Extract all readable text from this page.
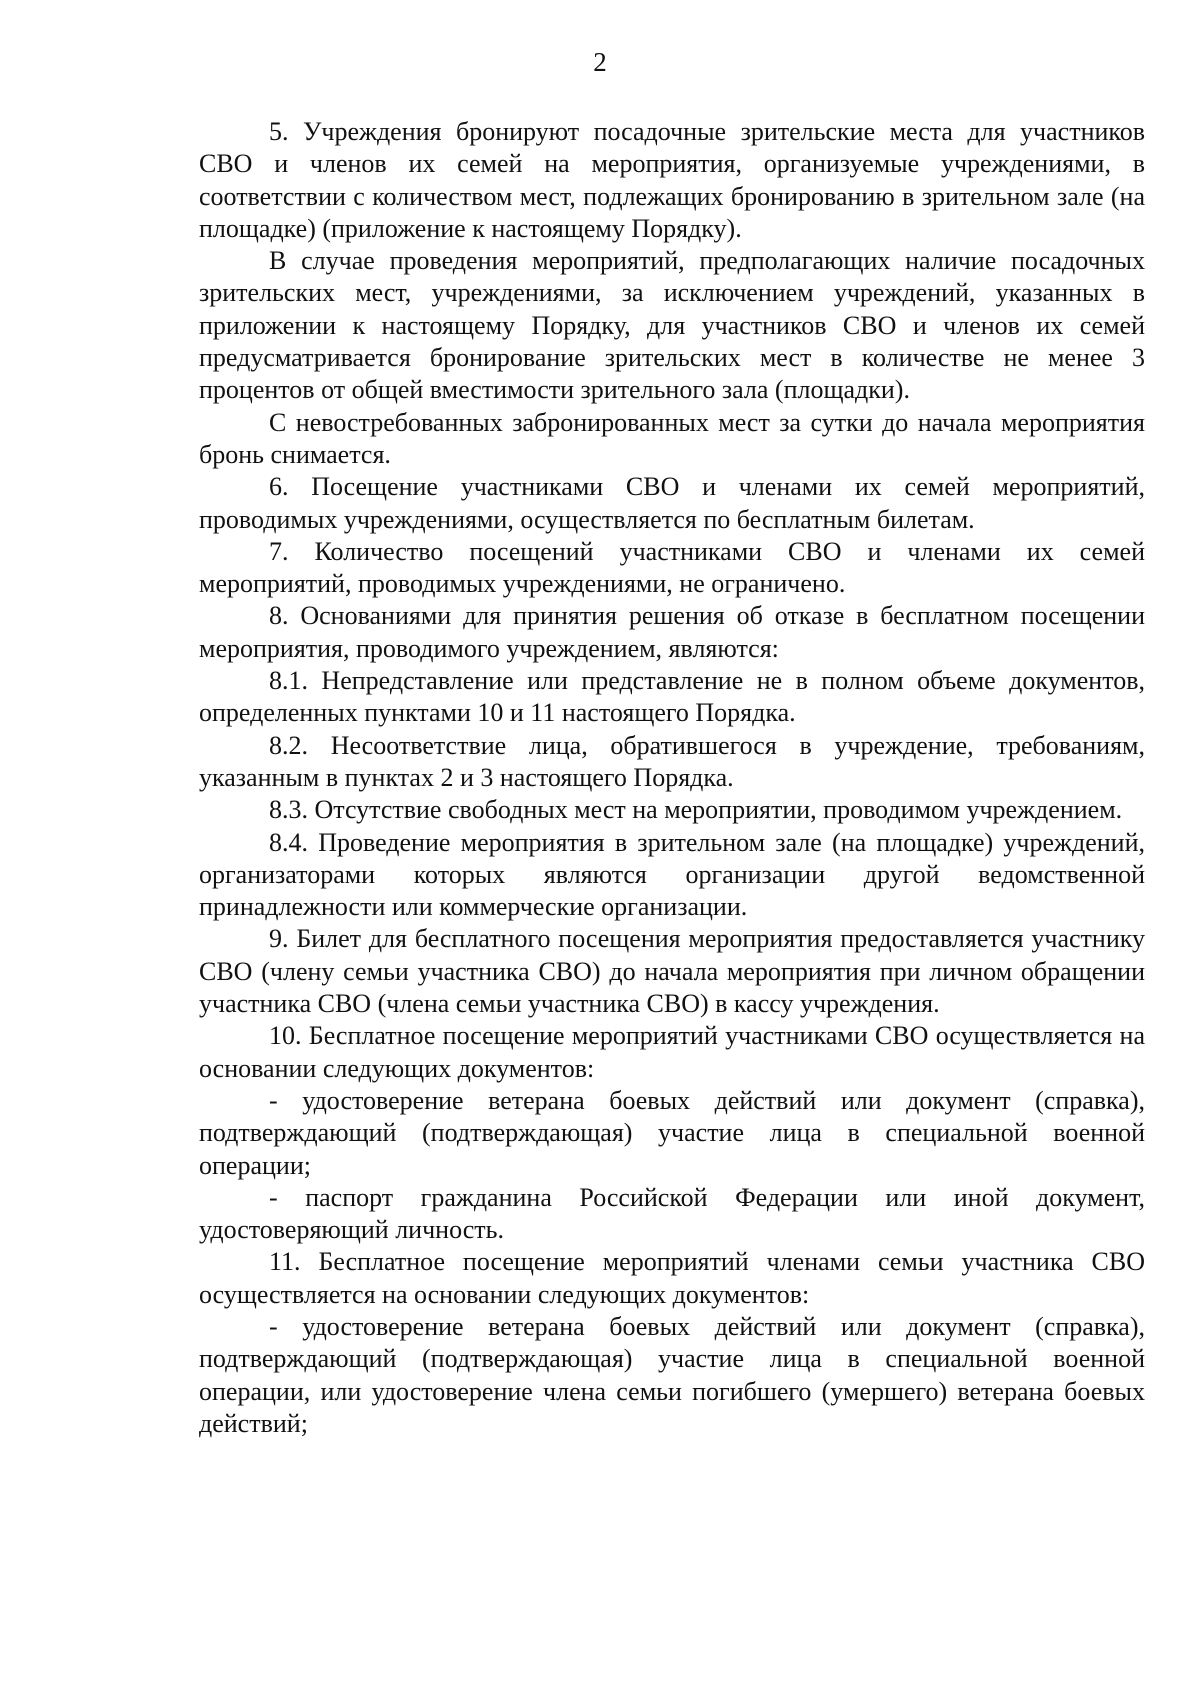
2

5. Учреждения бронируют посадочные зрительские места для участников СВО и членов их семей на мероприятия, организуемые учреждениями, в соответствии с количеством мест, подлежащих бронированию в зрительном зале (на площадке) (приложение к настоящему Порядку).

В случае проведения мероприятий, предполагающих наличие посадочных зрительских мест, учреждениями, за исключением учреждений, указанных в приложении к настоящему Порядку, для участников СВО и членов их семей предусматривается бронирование зрительских мест в количестве не менее 3 процентов от общей вместимости зрительного зала (площадки).

С невостребованных забронированных мест за сутки до начала мероприятия бронь снимается.

6. Посещение участниками СВО и членами их семей мероприятий, проводимых учреждениями, осуществляется по бесплатным билетам.

7. Количество посещений участниками СВО и членами их семей мероприятий, проводимых учреждениями, не ограничено.

8. Основаниями для принятия решения об отказе в бесплатном посещении мероприятия, проводимого учреждением, являются:

8.1. Непредставление или представление не в полном объеме документов, определенных пунктами 10 и 11 настоящего Порядка.

8.2. Несоответствие лица, обратившегося в учреждение, требованиям, указанным в пунктах 2 и 3 настоящего Порядка.

8.3. Отсутствие свободных мест на мероприятии, проводимом учреждением.

8.4. Проведение мероприятия в зрительном зале (на площадке) учреждений, организаторами которых являются организации другой ведомственной принадлежности или коммерческие организации.

9. Билет для бесплатного посещения мероприятия предоставляется участнику СВО (члену семьи участника СВО) до начала мероприятия при личном обращении участника СВО (члена семьи участника СВО) в кассу учреждения.

10. Бесплатное посещение мероприятий участниками СВО осуществляется на основании следующих документов:

- удостоверение ветерана боевых действий или документ (справка), подтверждающий (подтверждающая) участие лица в специальной военной операции;

- паспорт гражданина Российской Федерации или иной документ, удостоверяющий личность.

11. Бесплатное посещение мероприятий членами семьи участника СВО осуществляется на основании следующих документов:

- удостоверение ветерана боевых действий или документ (справка), подтверждающий (подтверждающая) участие лица в специальной военной операции, или удостоверение члена семьи погибшего (умершего) ветерана боевых действий;
